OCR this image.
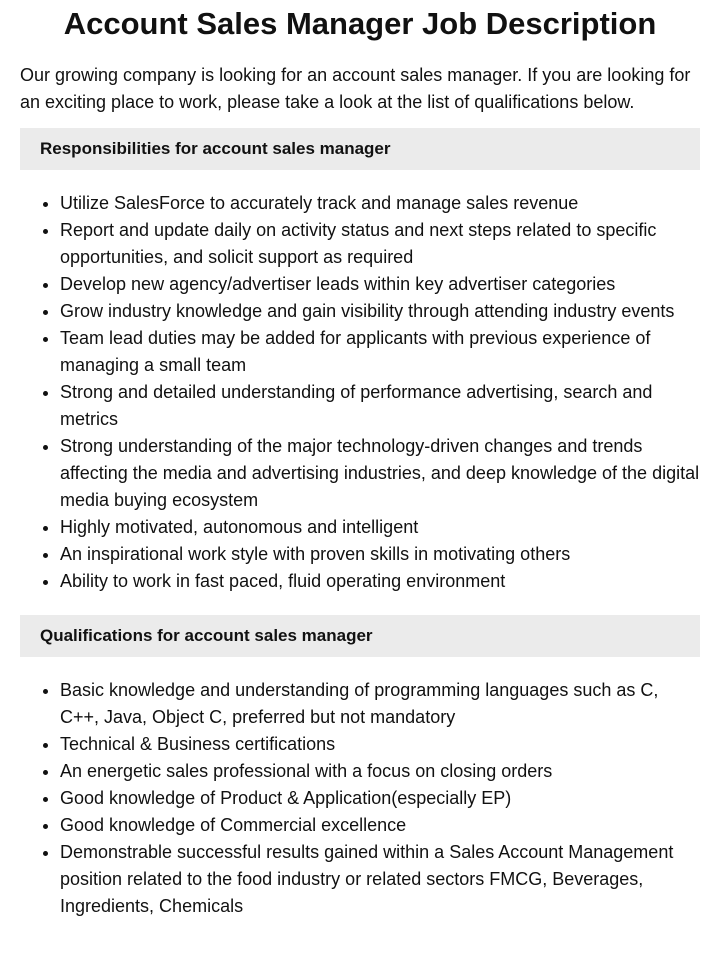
Account Sales Manager Job Description

Our growing company is looking for an account sales manager. If you are looking for an exciting place to work, please take a look at the list of qualifications below.

Responsibilities for account sales manager
• Utilize SalesForce to accurately track and manage sales revenue
• Report and update daily on activity status and next steps related to specific opportunities, and solicit support as required
• Develop new agency/advertiser leads within key advertiser categories
• Grow industry knowledge and gain visibility through attending industry events
• Team lead duties may be added for applicants with previous experience of managing a small team
• Strong and detailed understanding of performance advertising, search and metrics
• Strong understanding of the major technology-driven changes and trends affecting the media and advertising industries, and deep knowledge of the digital media buying ecosystem
• Highly motivated, autonomous and intelligent
• An inspirational work style with proven skills in motivating others
• Ability to work in fast paced, fluid operating environment
Qualifications for account sales manager
• Basic knowledge and understanding of programming languages such as C, C++, Java, Object C, preferred but not mandatory
• Technical & Business certifications
• An energetic sales professional with a focus on closing orders
• Good knowledge of Product & Application(especially EP)
• Good knowledge of Commercial excellence
• Demonstrable successful results gained within a Sales Account Management position related to the food industry or related sectors FMCG, Beverages, Ingredients, Chemicals
